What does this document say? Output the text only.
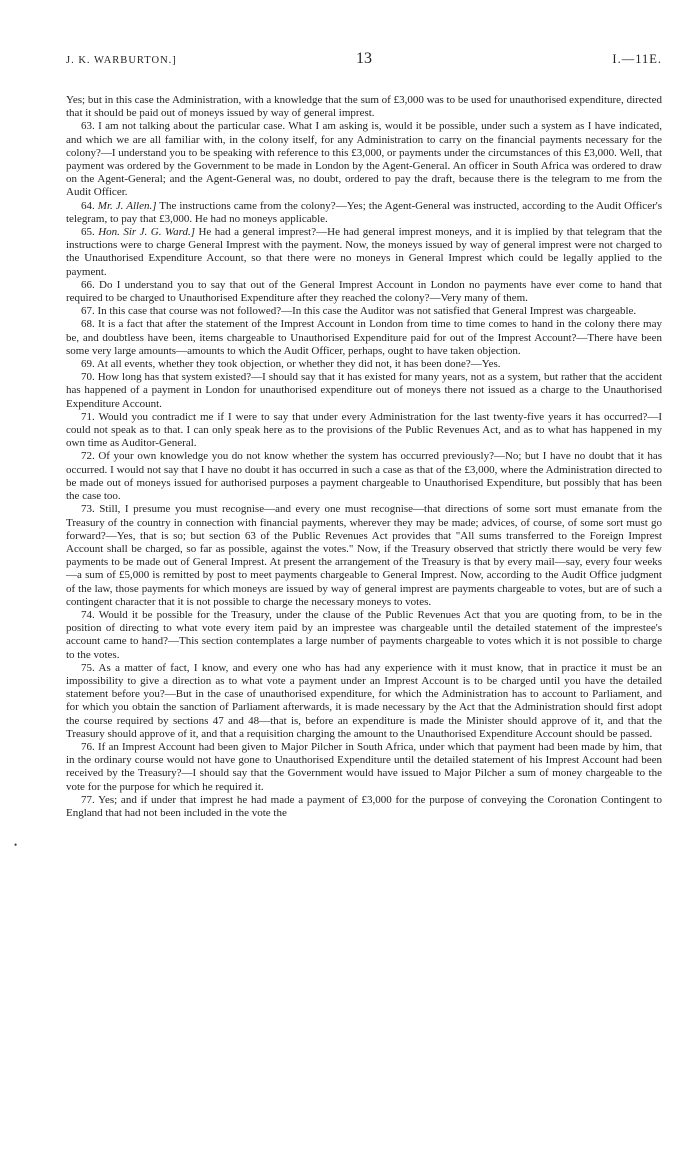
J. K. WARBURTON.]	13	I.—11E.

Yes; but in this case the Administration, with a knowledge that the sum of £3,000 was to be used for unauthorised expenditure, directed that it should be paid out of moneys issued by way of general imprest.

63. I am not talking about the particular case. What I am asking is, would it be possible, under such a system as I have indicated, and which we are all familiar with, in the colony itself, for any Administration to carry on the financial payments necessary for the colony?—I understand you to be speaking with reference to this £3,000, or payments under the circumstances of this £3,000. Well, that payment was ordered by the Government to be made in London by the Agent-General. An officer in South Africa was ordered to draw on the Agent-General; and the Agent-General was, no doubt, ordered to pay the draft, because there is the telegram to me from the Audit Officer.

64. Mr. J. Allen.] The instructions came from the colony?—Yes; the Agent-General was instructed, according to the Audit Officer's telegram, to pay that £3,000. He had no moneys applicable.

65. Hon. Sir J. G. Ward.] He had a general imprest?—He had general imprest moneys, and it is implied by that telegram that the instructions were to charge General Imprest with the payment. Now, the moneys issued by way of general imprest were not charged to the Unauthorised Expenditure Account, so that there were no moneys in General Imprest which could be legally applied to the payment.

66. Do I understand you to say that out of the General Imprest Account in London no payments have ever come to hand that required to be charged to Unauthorised Expenditure after they reached the colony?—Very many of them.

67. In this case that course was not followed?—In this case the Auditor was not satisfied that General Imprest was chargeable.

68. It is a fact that after the statement of the Imprest Account in London from time to time comes to hand in the colony there may be, and doubtless have been, items chargeable to Unauthorised Expenditure paid for out of the Imprest Account?—There have been some very large amounts—amounts to which the Audit Officer, perhaps, ought to have taken objection.

69. At all events, whether they took objection, or whether they did not, it has been done?—Yes.

70. How long has that system existed?—I should say that it has existed for many years, not as a system, but rather that the accident has happened of a payment in London for unauthorised expenditure out of moneys there not issued as a charge to the Unauthorised Expenditure Account.

71. Would you contradict me if I were to say that under every Administration for the last twenty-five years it has occurred?—I could not speak as to that. I can only speak here as to the provisions of the Public Revenues Act, and as to what has happened in my own time as Auditor-General.

72. Of your own knowledge you do not know whether the system has occurred previously?—No; but I have no doubt that it has occurred. I would not say that I have no doubt it has occurred in such a case as that of the £3,000, where the Administration directed to be made out of moneys issued for authorised purposes a payment chargeable to Unauthorised Expenditure, but possibly that has been the case too.

73. Still, I presume you must recognise—and every one must recognise—that directions of some sort must emanate from the Treasury of the country in connection with financial payments, wherever they may be made; advices, of course, of some sort must go forward?—Yes, that is so; but section 63 of the Public Revenues Act provides that "All sums transferred to the Foreign Imprest Account shall be charged, so far as possible, against the votes." Now, if the Treasury observed that strictly there would be very few payments to be made out of General Imprest. At present the arrangement of the Treasury is that by every mail—say, every four weeks—a sum of £5,000 is remitted by post to meet payments chargeable to General Imprest. Now, according to the Audit Office judgment of the law, those payments for which moneys are issued by way of general imprest are payments chargeable to votes, but are of such a contingent character that it is not possible to charge the necessary moneys to votes.

74. Would it be possible for the Treasury, under the clause of the Public Revenues Act that you are quoting from, to be in the position of directing to what vote every item paid by an imprestee was chargeable until the detailed statement of the imprestee's account came to hand?—This section contemplates a large number of payments chargeable to votes which it is not possible to charge to the votes.

75. As a matter of fact, I know, and every one who has had any experience with it must know, that in practice it must be an impossibility to give a direction as to what vote a payment under an Imprest Account is to be charged until you have the detailed statement before you?—But in the case of unauthorised expenditure, for which the Administration has to account to Parliament, and for which you obtain the sanction of Parliament afterwards, it is made necessary by the Act that the Administration should first adopt the course required by sections 47 and 48—that is, before an expenditure is made the Minister should approve of it, and that the Treasury should approve of it, and that a requisition charging the amount to the Unauthorised Expenditure Account should be passed.

76. If an Imprest Account had been given to Major Pilcher in South Africa, under which that payment had been made by him, that in the ordinary course would not have gone to Unauthorised Expenditure until the detailed statement of his Imprest Account had been received by the Treasury?—I should say that the Government would have issued to Major Pilcher a sum of money chargeable to the vote for the purpose for which he required it.

77. Yes; and if under that imprest he had made a payment of £3,000 for the purpose of conveying the Coronation Contingent to England that had not been included in the vote the

•
